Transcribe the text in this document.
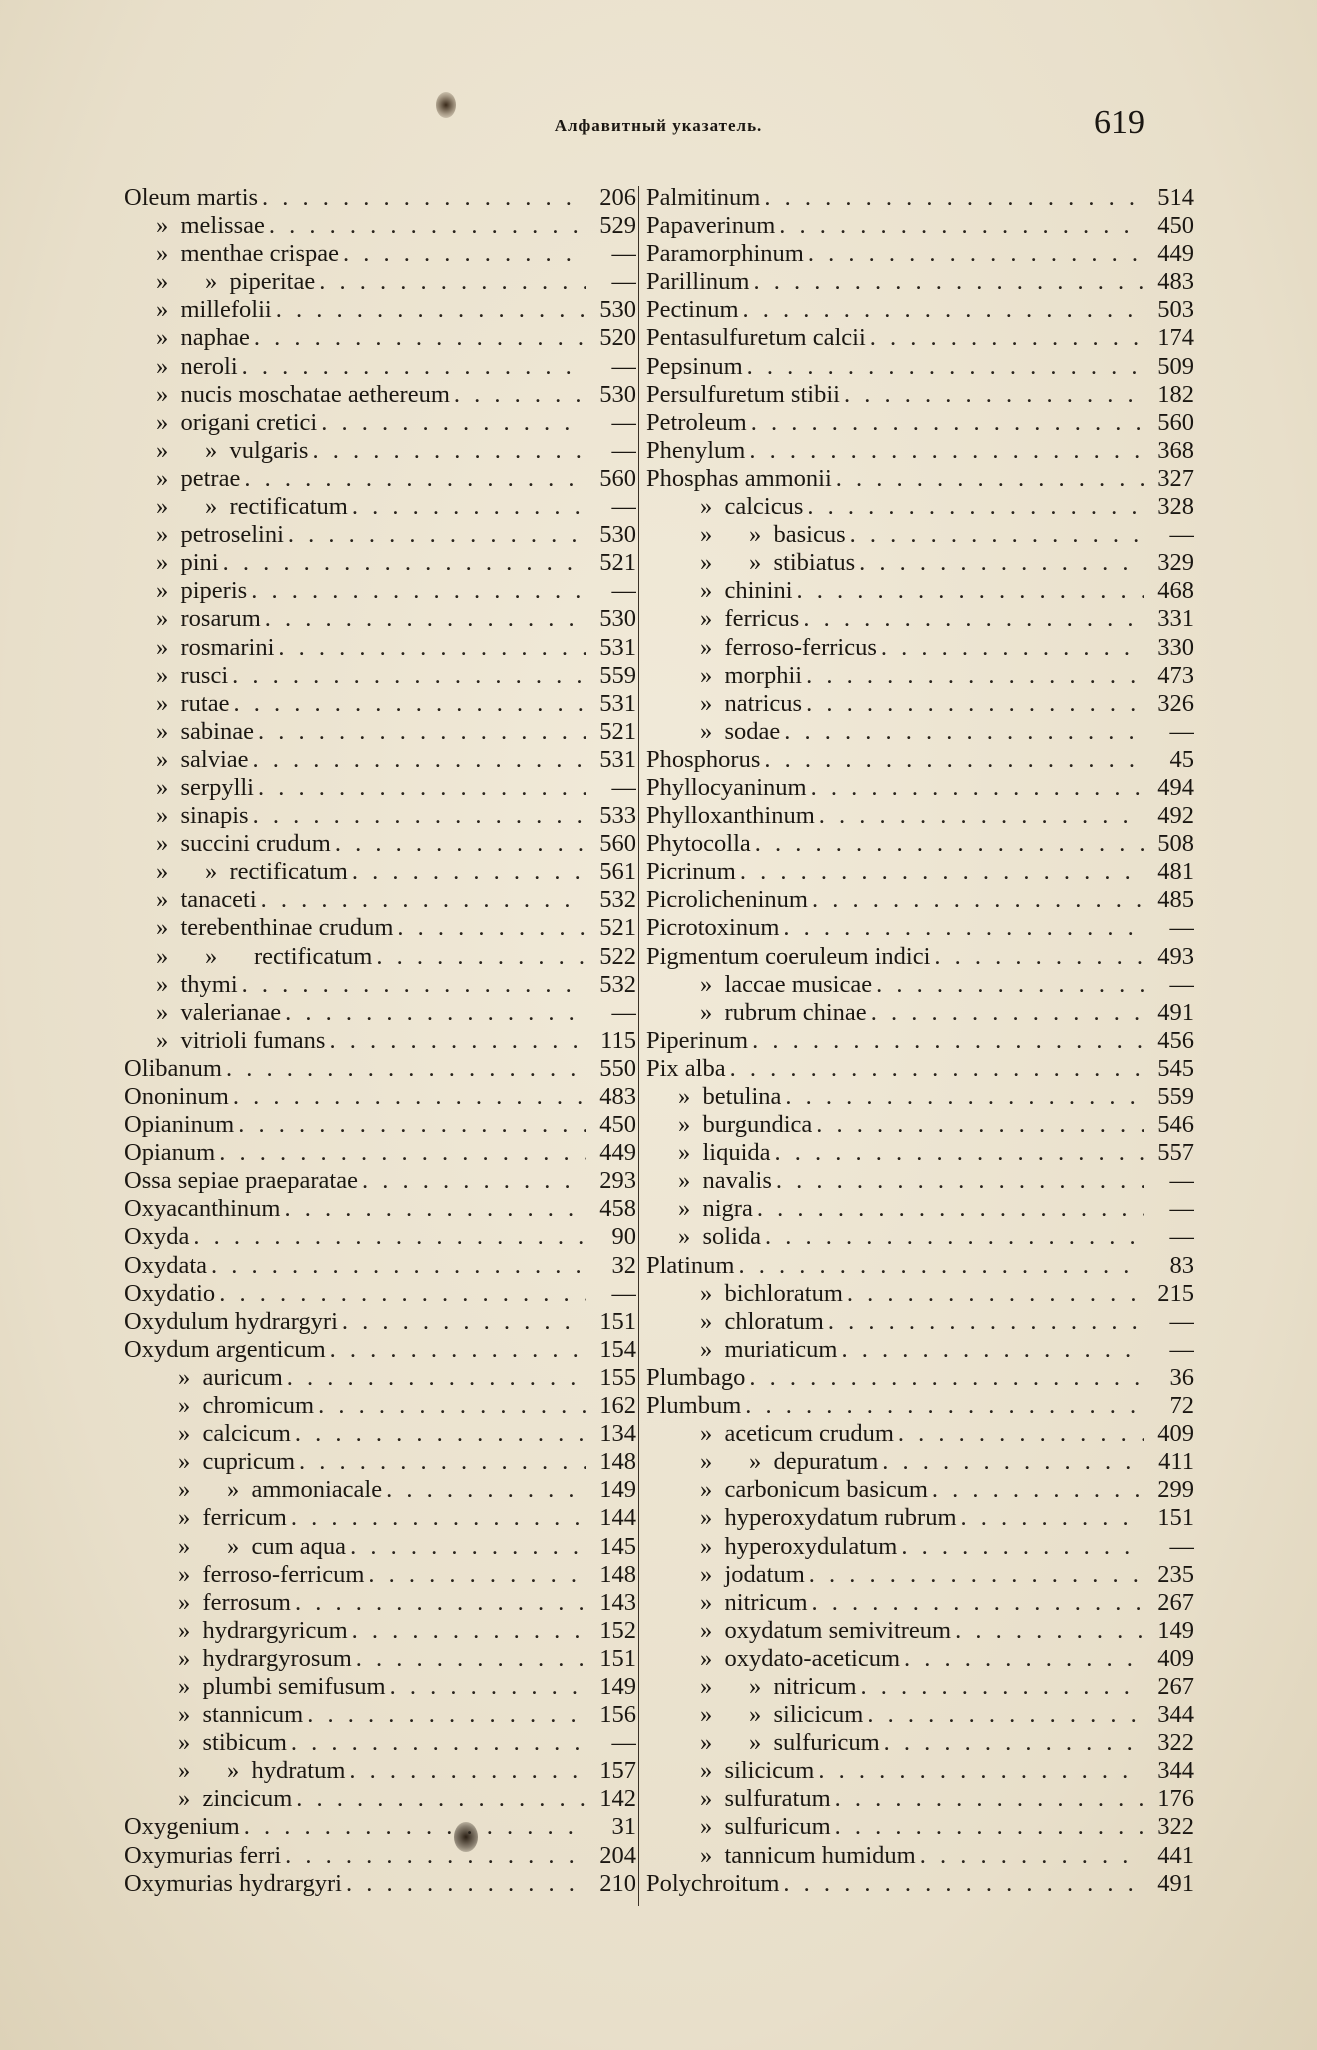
Алфавитный указатель.	619
Oleum martis . . .	206
»  melissae . . .	529
»  menthae crispae . . .	—
»      »  piperitae . . .	—
»  millefolii . . .	530
»  naphae . . .	520
»  neroli . . .	—
»  nucis moschatae aethereum . . .	530
»  origani cretici . . .	—
»      »  vulgaris . . .	—
»  petrae . . .	560
»      »  rectificatum . . .	—
»  petroselini . . .	530
»  pini . . .	521
»  piperis . . .	—
»  rosarum . . .	530
»  rosmarini . . .	531
»  rusci . . .	559
»  rutae . . .	531
»  sabinae . . .	521
»  salviae . . .	531
»  serpylli . . .	—
»  sinapis . . .	533
»  succini crudum . . .	560
»      »  rectificatum . . .	561
»  tanaceti . . .	532
»  terebenthinae crudum . . .	521
»      »      rectificatum . . .	522
»  thymi . . .	532
»  valerianae . . .	—
»  vitrioli fumans . . .	115
Olibanum . . .	550
Ononinum . . .	483
Opianinum . . .	450
Opianum . . .	449
Ossa sepiae praeparatae . . .	293
Oxyacanthinum . . .	458
Oxyda . . .	90
Oxydata . . .	32
Oxydatio . . .	—
Oxydulum hydrargyri . . .	151
Oxydum argenticum . . .	154
»  auricum . . .	155
»  chromicum . . .	162
»  calcicum . . .	134
»  cupricum . . .	148
»      »  ammoniacale . . .	149
»  ferricum . . .	144
»      »  cum aqua . . .	145
»  ferroso-ferricum . . .	148
»  ferrosum . . .	143
»  hydrargyricum . . .	152
»  hydrargyrosum . . .	151
»  plumbi semifusum . . .	149
»  stannicum . . .	156
»  stibicum . . .	—
»      »  hydratum . . .	157
»  zincicum . . .	142
Oxygenium . . .	31
Oxymurias ferri . . .	204
Oxymurias hydrargyri . . .	210
Palmitinum . . .	514
Papaverinum . . .	450
Paramorphinum . . .	449
Parillinum . . .	483
Pectinum . . .	503
Pentasulfuretum calcii . . .	174
Pepsinum . . .	509
Persulfuretum stibii . . .	182
Petroleum . . .	560
Phenylum . . .	368
Phosphas ammonii . . .	327
»  calcicus . . .	328
»      »  basicus . . .	—
»      »  stibiatus . . .	329
»  chinini . . .	468
»  ferricus . . .	331
»  ferroso-ferricus . . .	330
»  morphii . . .	473
»  natricus . . .	326
»  sodae . . .	—
Phosphorus . . .	45
Phyllocyaninum . . .	494
Phylloxanthinum . . .	492
Phytocolla . . .	508
Picrinum . . .	481
Picrolicheninum . . .	485
Picrotoxinum . . .	—
Pigmentum coeruleum indici . . .	493
»  laccae musicae . . .	—
»  rubrum chinae . . .	491
Piperinum . . .	456
Pix alba . . .	545
»  betulina . . .	559
»  burgundica . . .	546
»  liquida . . .	557
»  navalis . . .	—
»  nigra . . .	—
»  solida . . .	—
Platinum . . .	83
»  bichloratum . . .	215
»  chloratum . . .	—
»  muriaticum . . .	—
Plumbago . . .	36
Plumbum . . .	72
»  aceticum crudum . . .	409
»      »  depuratum . . .	411
»  carbonicum basicum . . .	299
»  hyperoxydatum rubrum . . .	151
»  hyperoxydulatum . . .	—
»  jodatum . . .	235
»  nitricum . . .	267
»  oxydatum semivitreum . . .	149
»  oxydato-aceticum . . .	409
»      »  nitricum . . .	267
»      »  silicicum . . .	344
»      »  sulfuricum . . .	322
»  silicicum . . .	344
»  sulfuratum . . .	176
»  sulfuricum . . .	322
»  tannicum humidum . . .	441
Polychroitum . . .	491
